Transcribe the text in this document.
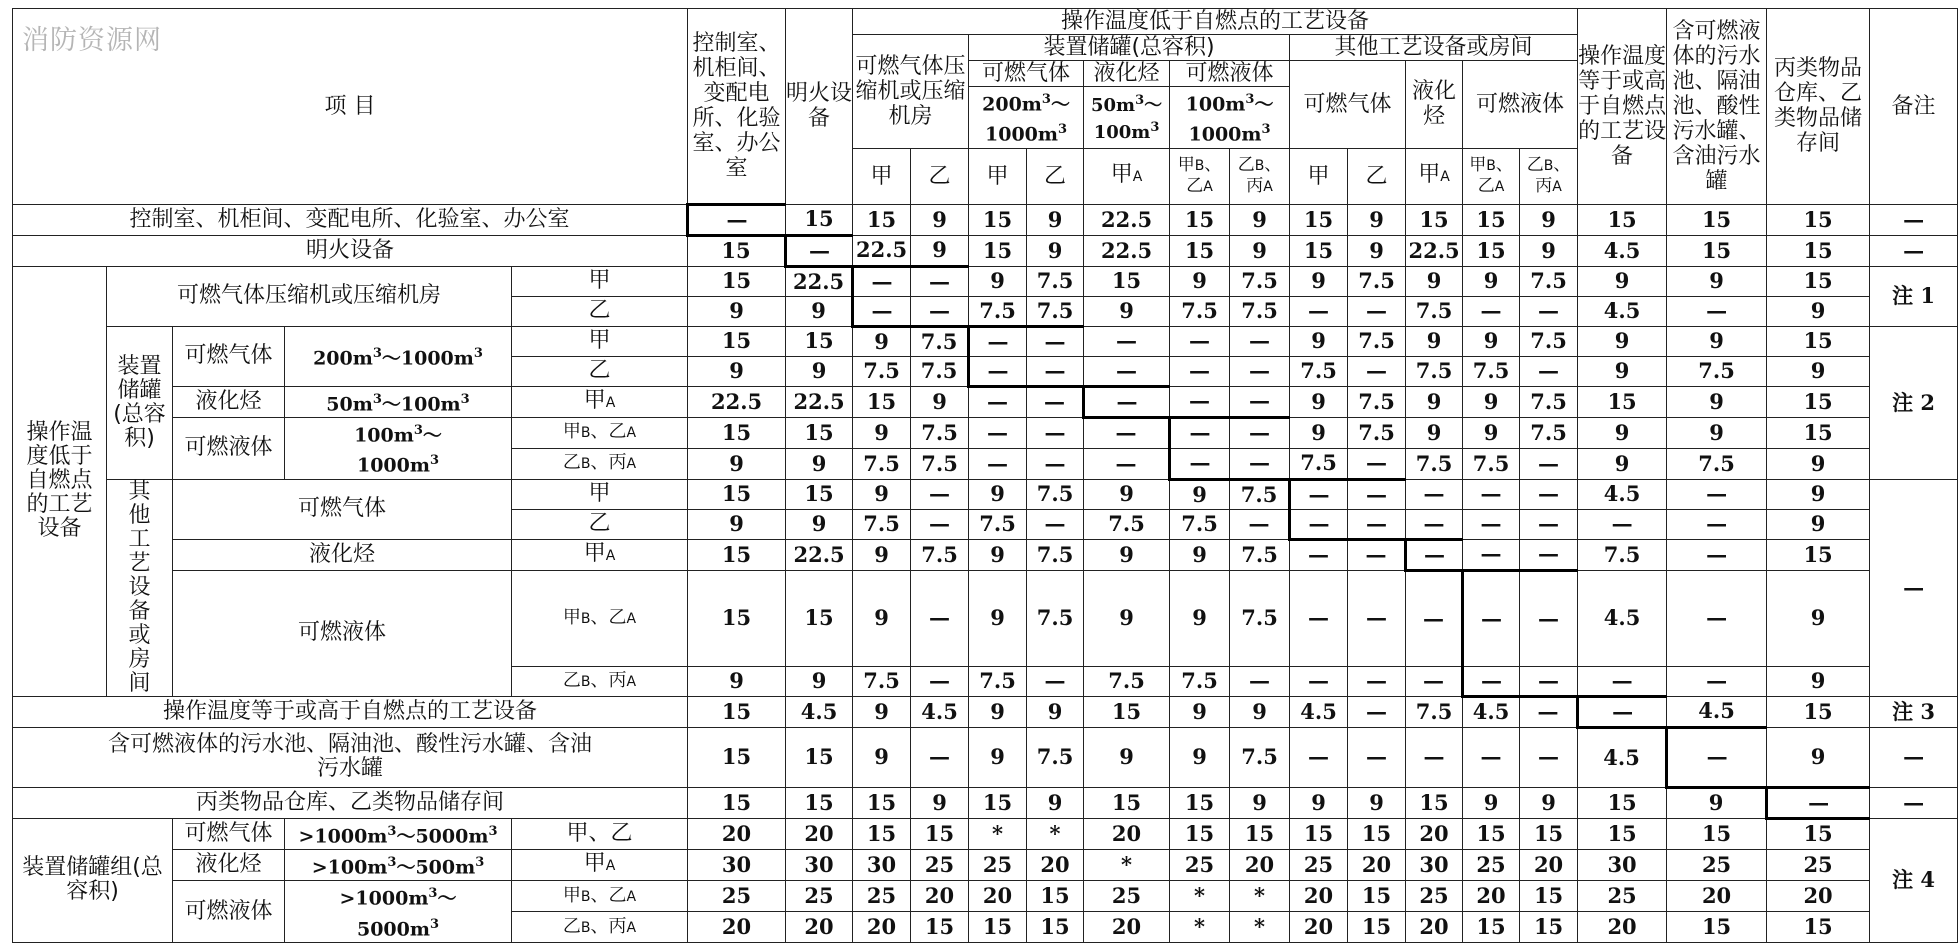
消防资源网
项 目					控制室、机柜间、变配电所、化验室、办公室	明火设备	操作温度低于自燃点的工艺设备												操作温度等于或高于自燃点的工艺设备	含可燃液体的污水池、隔油池、酸性污水罐、含油污水罐	丙类物品仓库、乙类物品储存间	备注
							可燃气体压缩机或压缩机房		装置储罐(总容积)					其他工艺设备或房间								
									可燃气体		液化烃	可燃液体		可燃气体		液化烃	可燃液体					
									$200m^3\sim 1000m^3$		$50m^3\sim 100m^3$	$100m^3\sim 1000m^3$
							甲	乙	甲	乙	甲A	甲B、乙A	乙B、丙A	甲	乙	甲A	甲B、乙A	乙B、丙A				
控制室、机柜间、变配电所、化验室、办公室					—	15	15	9	15	9	22.5	15	9	15	9	15	15	9	15	15	15	—
明火设备					15	—	22.5	9	15	9	22.5	15	9	15	9	22.5	15	9	4.5	15	15	—
操作温度低于自燃点的工艺设备	可燃气体压缩机或压缩机房			甲	15	22.5	—	—	9	7.5	15	9	7.5	9	7.5	9	9	7.5	9	9	15	注 1
				乙	9	9	—	—	7.5	7.5	9	7.5	7.5	—	—	7.5	—	—	4.5	—	9	
	装置储罐(总容积)	可燃气体	$200m^3\sim 1000m^3$	甲	15	15	9	7.5	—	—	—	—	—	9	7.5	9	9	7.5	9	9	15	注 2
				乙	9	9	7.5	7.5	—	—	—	—	—	7.5	—	7.5	7.5	—	9	7.5	9	
		液化烃	$50m^3\sim 100m^3$	甲A	22.5	22.5	15	9	—	—	—	—	—	9	7.5	9	9	7.5	15	9	15	
		可燃液体	$100m^3\sim 1000m^3$	甲B、乙A	15	15	9	7.5	—	—	—	—	—	9	7.5	9	9	7.5	9	9	15	
				乙B、丙A	9	9	7.5	7.5	—	—	—	—	—	7.5	—	7.5	7.5	—	9	7.5	9	
	其他工艺设备或房间	可燃气体		甲	15	15	9	—	9	7.5	9	9	7.5	—	—	—	—	—	4.5	—	9	—
				乙	9	9	7.5	—	7.5	—	7.5	7.5	—	—	—	—	—	—	—	—	9	
		液化烃		甲A	15	22.5	9	7.5	9	7.5	9	9	7.5	—	—	—	—	—	7.5	—	15	
		可燃液体		甲B、乙A	15	15	9	—	9	7.5	9	9	7.5	—	—	—	—	—	4.5	—	9	
				乙B、丙A	9	9	7.5	—	7.5	—	7.5	7.5	—	—	—	—	—	—	—	—	9	
操作温度等于或高于自燃点的工艺设备					15	4.5	9	4.5	9	9	15	9	9	4.5	—	7.5	4.5	—	—	4.5	15	注 3
含可燃液体的污水池、隔油池、酸性污水罐、含油污水罐					15	15	9	—	9	7.5	9	9	7.5	—	—	—	—	—	4.5	—	9	—
丙类物品仓库、乙类物品储存间					15	15	15	9	15	9	15	15	9	9	9	15	9	9	15	9	—	—
装置储罐组(总容积)		可燃气体	$>1000m^3\sim 5000m^3$	甲、乙	20	20	15	15	*	*	20	15	15	15	15	20	15	15	15	15	15	注 4
		液化烃	$>100m^3\sim 500m^3$	甲A	30	30	30	25	25	20	*	25	20	25	20	30	25	20	30	25	25	
		可燃液体	$>1000m^3\sim 5000m^3$	甲B、乙A	25	25	25	20	20	15	25	*	*	20	15	25	20	15	25	20	20	
				乙B、丙A	20	20	20	15	15	15	20	*	*	20	15	20	15	15	20	15	15	
